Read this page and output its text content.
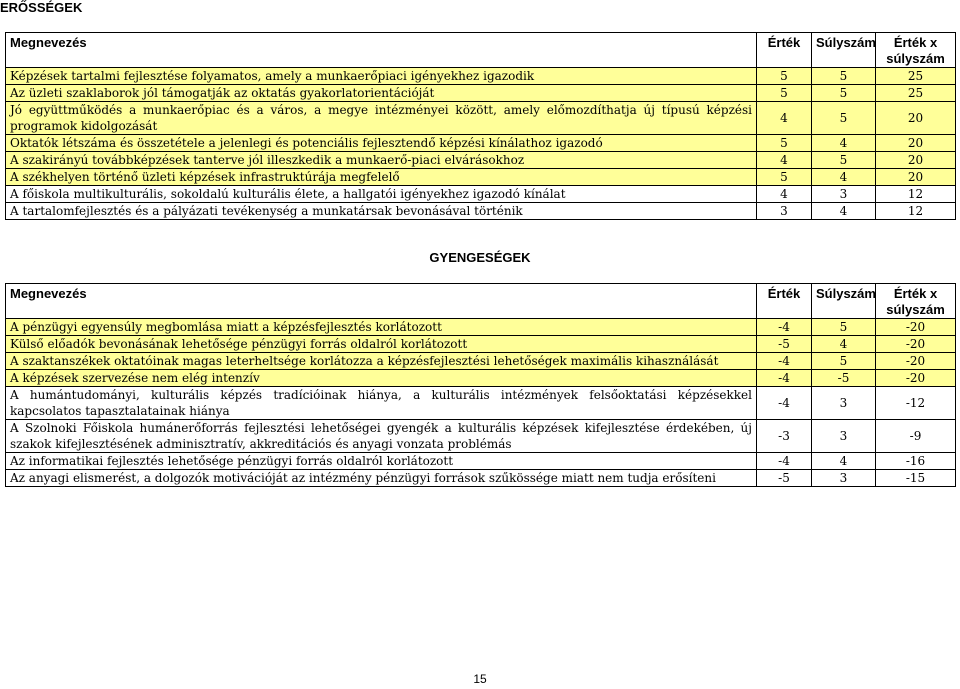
ERŐSSÉGEK
Megnevezés	Érték	Súlyszám	Érték x súlyszám
Képzések tartalmi fejlesztése folyamatos, amely a munkaerőpiaci igényekhez igazodik	5	5	25
Az üzleti szaklaborok jól támogatják az oktatás gyakorlatorientációját	5	5	25
Jó együttműködés a munkaerőpiac és a város, a megye intézményei között, amely előmozdíthatja új típusú képzési programok kidolgozását	4	5	20
Oktatók létszáma és összetétele a jelenlegi és potenciális fejlesztendő képzési kínálathoz igazodó	5	4	20
A szakirányú továbbképzések tanterve jól illeszkedik a munkaerő-piaci elvárásokhoz	4	5	20
A székhelyen történő üzleti képzések infrastruktúrája megfelelő	5	4	20
A főiskola multikulturális, sokoldalú kulturális élete, a hallgatói igényekhez igazodó kínálat	4	3	12
A tartalomfejlesztés és a pályázati tevékenység a munkatársak bevonásával történik	3	4	12
GYENGESÉGEK
Megnevezés	Érték	Súlyszám	Érték x súlyszám
A pénzügyi egyensúly megbomlása miatt a képzésfejlesztés korlátozott	-4	5	-20
Külső előadók bevonásának lehetősége pénzügyi forrás oldalról korlátozott	-5	4	-20
A szaktanszékek oktatóinak magas leterheltsége korlátozza a képzésfejlesztési lehetőségek maximális kihasználását	-4	5	-20
A képzések szervezése nem elég intenzív	-4	-5	-20
A humántudományi, kulturális képzés tradícióinak hiánya, a kulturális intézmények felsőoktatási képzésekkel kapcsolatos tapasztalatainak hiánya	-4	3	-12
A Szolnoki Főiskola humánerőforrás fejlesztési lehetőségei gyengék a kulturális képzések kifejlesztése érdekében, új szakok kifejlesztésének adminisztratív, akkreditációs és anyagi vonzata problémás	-3	3	-9
Az informatikai fejlesztés lehetősége pénzügyi forrás oldalról korlátozott	-4	4	-16
Az anyagi elismerést, a dolgozók motivációját az intézmény pénzügyi források szűkössége miatt nem tudja erősíteni	-5	3	-15
15
